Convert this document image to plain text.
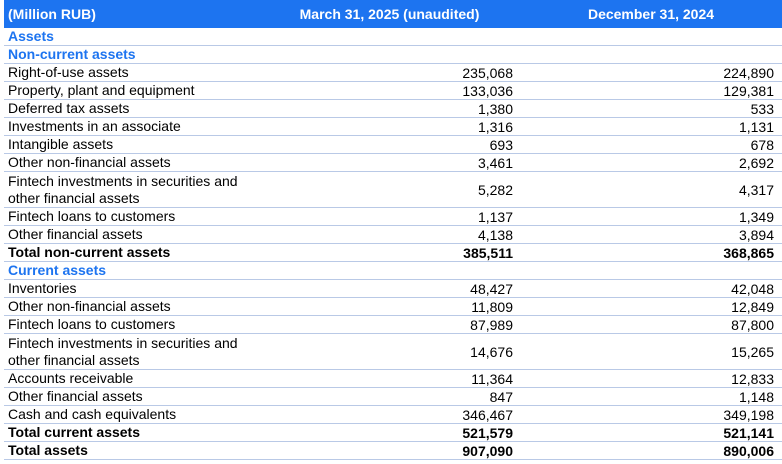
(Million RUB)	March 31, 2025 (unaudited)	December 31, 2024
Assets
Non-current assets
Right-of-use assets	235,068	224,890
Property, plant and equipment	133,036	129,381
Deferred tax assets	1,380	533
Investments in an associate	1,316	1,131
Intangible assets	693	678
Other non-financial assets	3,461	2,692
Fintech investments in securities and other financial assets	5,282	4,317
Fintech loans to customers	1,137	1,349
Other financial assets	4,138	3,894
Total non-current assets	385,511	368,865
Current assets
Inventories	48,427	42,048
Other non-financial assets	11,809	12,849
Fintech loans to customers	87,989	87,800
Fintech investments in securities and other financial assets	14,676	15,265
Accounts receivable	11,364	12,833
Other financial assets	847	1,148
Cash and cash equivalents	346,467	349,198
Total current assets	521,579	521,141
Total assets	907,090	890,006
